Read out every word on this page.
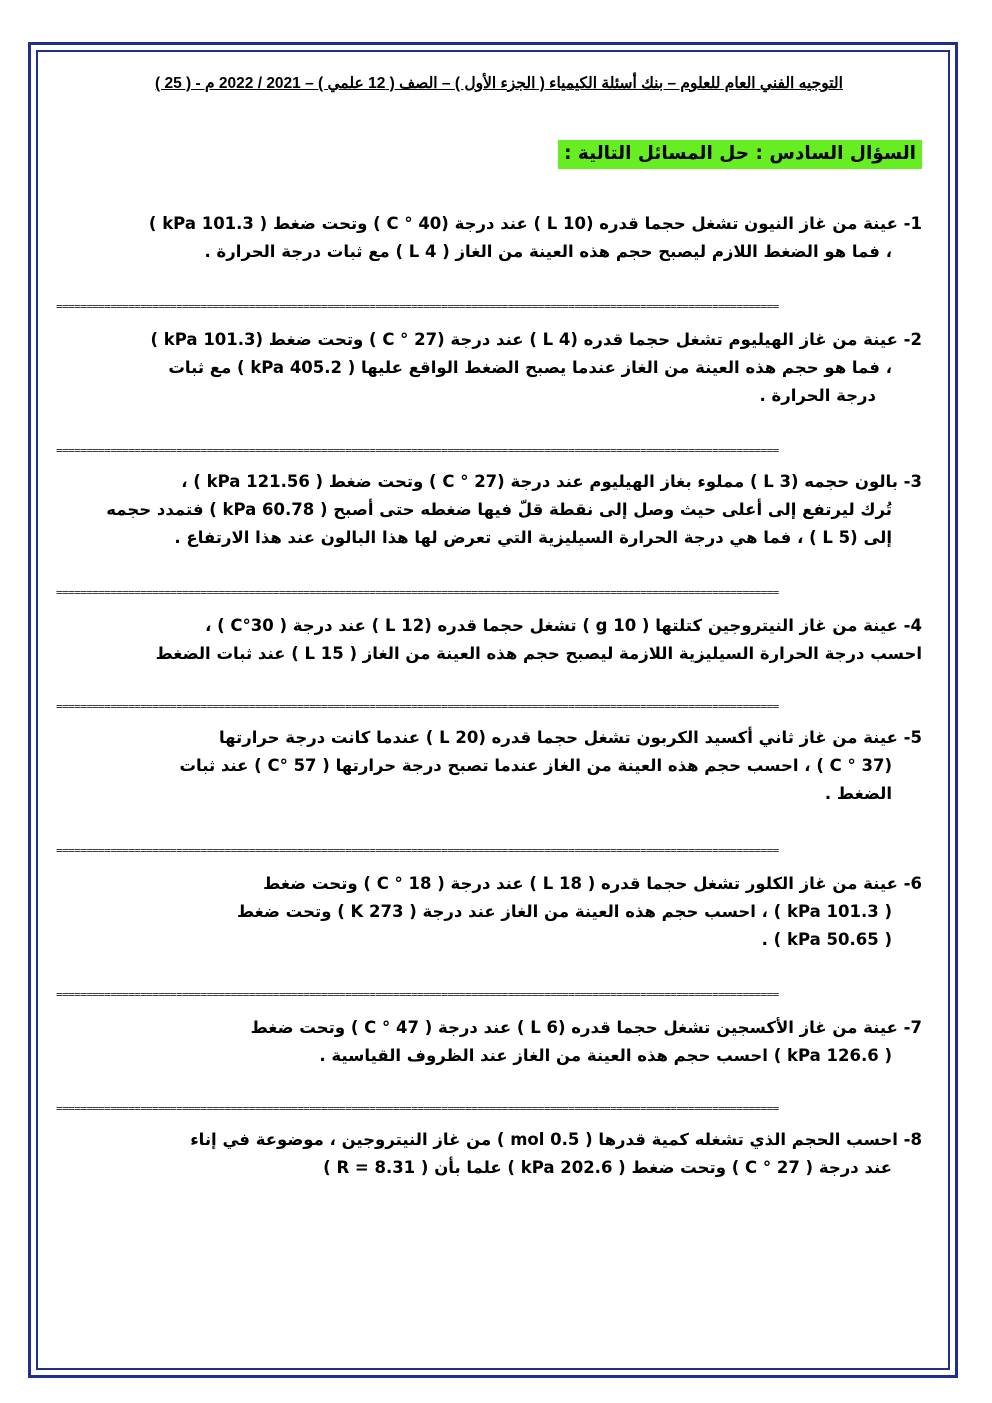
التوجيه الفني العام للعلوم – بنك أسئلة الكيمياء ( الجزء الأول ) – الصف ( 12 علمي ) – 2021 / 2022 م - ( 25 )
السؤال السادس : حل المسائل التالية :
1- عينة من غاز النيون تشغل حجما قدره (10 L ) عند درجة (40 ° C ) وتحت ضغط ( 101.3 kPa )
، فما هو الضغط اللازم ليصبح حجم هذه العينة من الغاز ( 4 L ) مع ثبات درجة الحرارة .
========================================================================================================================
2- عينة من غاز الهيليوم تشغل حجما قدره (4 L ) عند درجة (27 ° C ) وتحت ضغط (101.3 kPa )
، فما هو حجم هذه العينة من الغاز عندما يصبح الضغط الواقع عليها ( 405.2 kPa ) مع ثبات
درجة الحرارة .
========================================================================================================================
3- بالون حجمه (3 L ) مملوء بغاز الهيليوم عند درجة (27 ° C ) وتحت ضغط ( 121.56 kPa ) ،
تُرك ليرتفع إلى أعلى حيث وصل إلى نقطة قلّ فيها ضغطه حتى أصبح ( 60.78 kPa ) فتمدد حجمه
إلى (5 L ) ، فما هي درجة الحرارة السيليزية التي تعرض لها هذا البالون عند هذا الارتفاع .
========================================================================================================================
4- عينة من غاز النيتروجين كتلتها ( 10 g ) تشغل حجما قدره (12 L ) عند درجة ( 30°C ) ،
احسب درجة الحرارة السيليزية اللازمة ليصبح حجم هذه العينة من الغاز ( 15 L ) عند ثبات الضغط
========================================================================================================================
5- عينة من غاز ثاني أكسيد الكربون تشغل حجما قدره (20 L ) عندما كانت درجة حرارتها
(37 ° C ) ، احسب حجم هذه العينة من الغاز عندما تصبح درجة حرارتها ( 57 °C ) عند ثبات
الضغط .
========================================================================================================================
6- عينة من غاز الكلور تشغل حجما قدره ( 18 L ) عند درجة ( 18 ° C ) وتحت ضغط
( 101.3 kPa ) ، احسب حجم هذه العينة من الغاز عند درجة ( 273 K ) وتحت ضغط
( 50.65 kPa ) .
========================================================================================================================
7- عينة من غاز الأكسجين تشغل حجما قدره (6 L ) عند درجة ( 47 ° C ) وتحت ضغط
( 126.6 kPa ) احسب حجم هذه العينة من الغاز عند الظروف القياسية .
========================================================================================================================
8- احسب الحجم الذي تشغله كمية قدرها ( 0.5 mol ) من غاز النيتروجين ، موضوعة في إناء
عند درجة ( 27 ° C ) وتحت ضغط ( 202.6 kPa ) علما بأن ( R = 8.31 )
